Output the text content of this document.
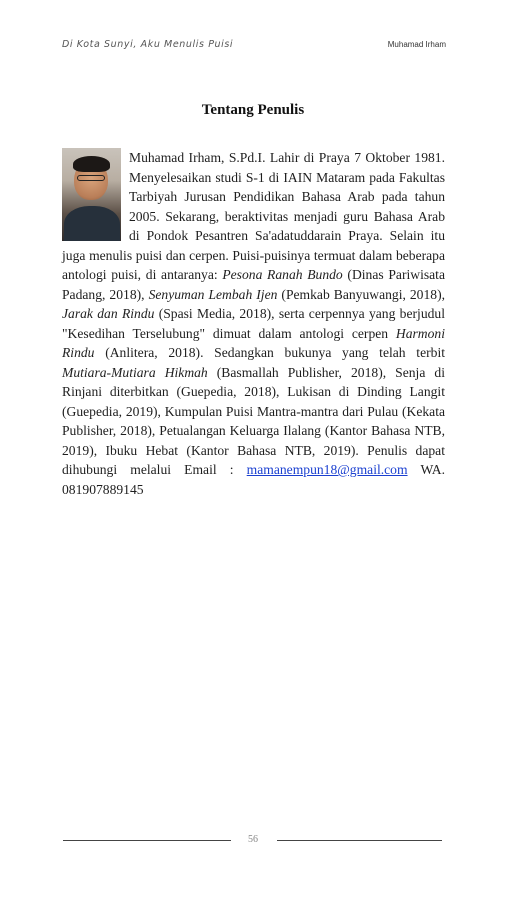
Di Kota Sunyi, Aku Menulis Puisi	Muhamad Irham
Tentang Penulis
Muhamad Irham, S.Pd.I. Lahir di Praya 7 Oktober 1981. Menyelesaikan studi S-1 di IAIN Mataram pada Fakultas Tarbiyah Jurusan Pendidikan Bahasa Arab pada tahun 2005. Sekarang, beraktivitas menjadi guru Bahasa Arab di Pondok Pesantren Sa'adatuddarain Praya. Selain itu juga menulis puisi dan cerpen. Puisi-puisinya termuat dalam beberapa antologi puisi, di antaranya: Pesona Ranah Bundo (Dinas Pariwisata Padang, 2018), Senyuman Lembah Ijen (Pemkab Banyuwangi, 2018), Jarak dan Rindu (Spasi Media, 2018), serta cerpennya yang berjudul "Kesedihan Terselubung" dimuat dalam antologi cerpen Harmoni Rindu (Anlitera, 2018). Sedangkan bukunya yang telah terbit Mutiara-Mutiara Hikmah (Basmallah Publisher, 2018), Senja di Rinjani diterbitkan (Guepedia, 2018), Lukisan di Dinding Langit (Guepedia, 2019), Kumpulan Puisi Mantra-mantra dari Pulau (Kekata Publisher, 2018), Petualangan Keluarga Ilalang (Kantor Bahasa NTB, 2019), Ibuku Hebat (Kantor Bahasa NTB, 2019). Penulis dapat dihubungi melalui Email : mamanempun18@gmail.com WA. 081907889145
56
